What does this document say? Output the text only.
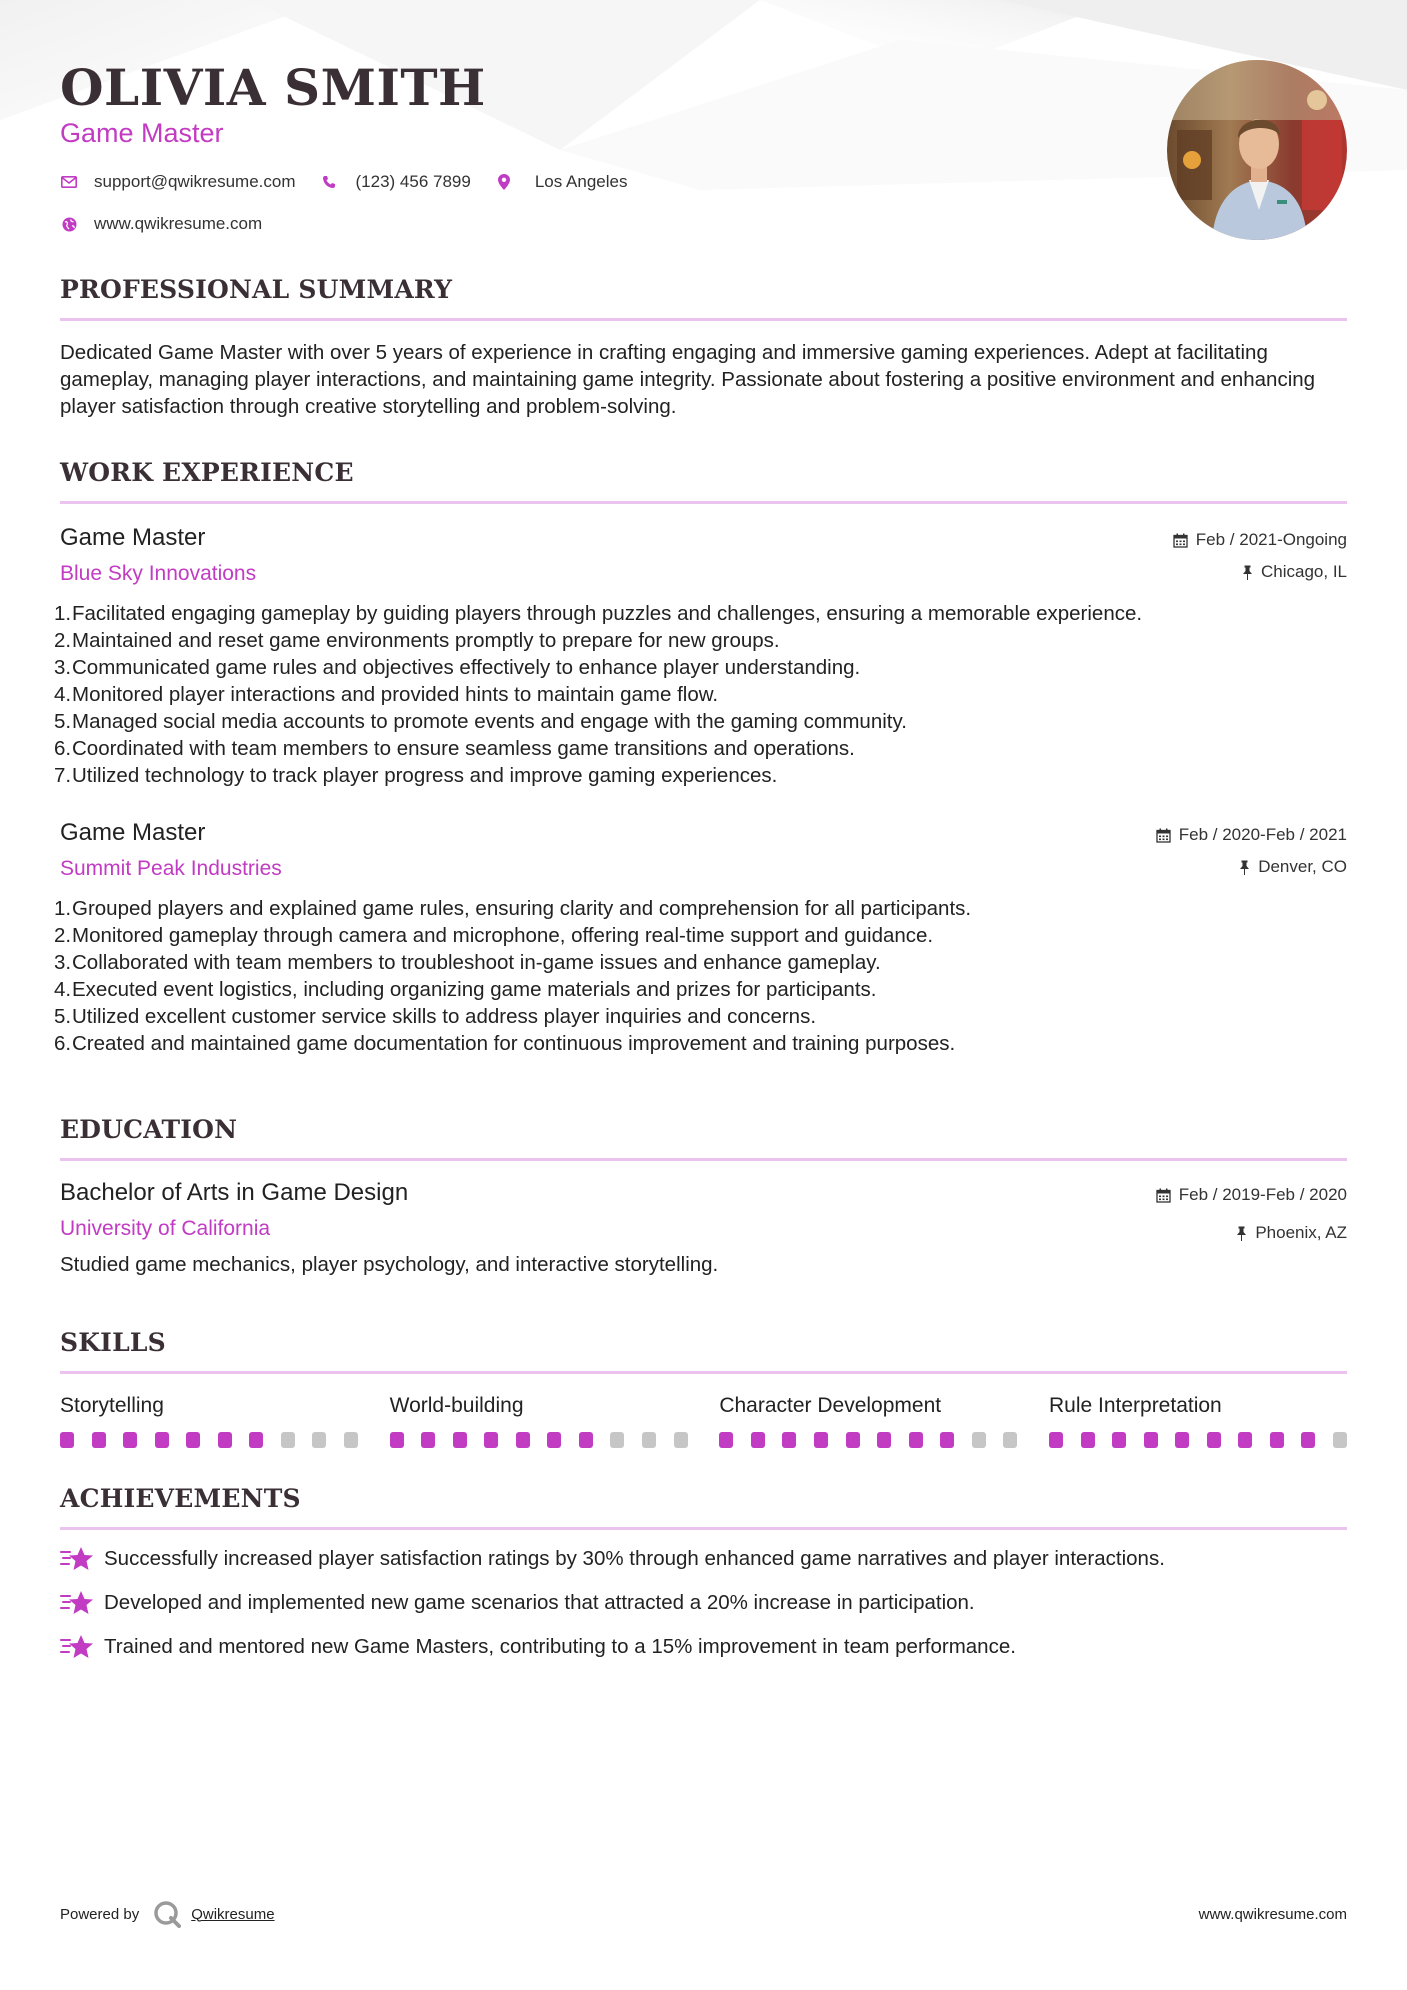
OLIVIA SMITH
Game Master
support@qwikresume.com	(123) 456 7899	Los Angeles
www.qwikresume.com
PROFESSIONAL SUMMARY

Dedicated Game Master with over 5 years of experience in crafting engaging and immersive gaming experiences. Adept at facilitating gameplay, managing player interactions, and maintaining game integrity. Passionate about fostering a positive environment and enhancing player satisfaction through creative storytelling and problem-solving.

WORK EXPERIENCE
Game Master
Blue Sky Innovations
Feb / 2021-Ongoing
Chicago, IL
1. Facilitated engaging gameplay by guiding players through puzzles and challenges, ensuring a memorable experience.
2. Maintained and reset game environments promptly to prepare for new groups.
3. Communicated game rules and objectives effectively to enhance player understanding.
4. Monitored player interactions and provided hints to maintain game flow.
5. Managed social media accounts to promote events and engage with the gaming community.
6. Coordinated with team members to ensure seamless game transitions and operations.
7. Utilized technology to track player progress and improve gaming experiences.
Game Master
Summit Peak Industries
Feb / 2020-Feb / 2021
Denver, CO
1. Grouped players and explained game rules, ensuring clarity and comprehension for all participants.
2. Monitored gameplay through camera and microphone, offering real-time support and guidance.
3. Collaborated with team members to troubleshoot in-game issues and enhance gameplay.
4. Executed event logistics, including organizing game materials and prizes for participants.
5. Utilized excellent customer service skills to address player inquiries and concerns.
6. Created and maintained game documentation for continuous improvement and training purposes.
EDUCATION
Bachelor of Arts in Game Design
University of California
Feb / 2019-Feb / 2020
Phoenix, AZ

Studied game mechanics, player psychology, and interactive storytelling.

SKILLS
Storytelling	World-building	Character Development	Rule Interpretation
ACHIEVEMENTS
Successfully increased player satisfaction ratings by 30% through enhanced game narratives and player interactions.
Developed and implemented new game scenarios that attracted a 20% increase in participation.
Trained and mentored new Game Masters, contributing to a 15% improvement in team performance.
Powered by	Qwikresume	www.qwikresume.com
